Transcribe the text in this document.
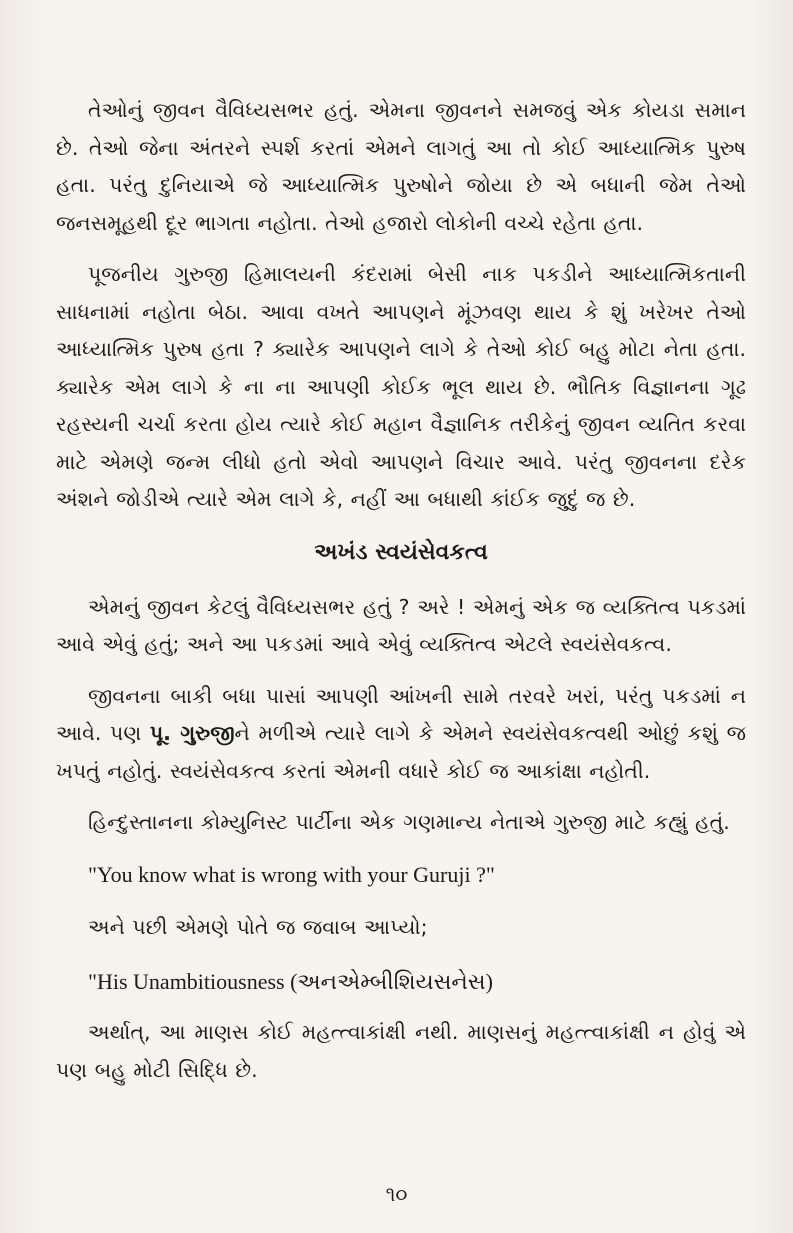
તેઓનું જીવન વૈવિધ્યસભર હતું. એમના જીવનને સમજવું એક કોયડા સમાન છે. તેઓ જેના અંતરને સ્પર્શ કરતાં એમને લાગતું આ તો કોઈ આધ્યાત્મિક પુરુષ હતા. પરંતુ દુનિયાએ જે આધ્યાત્મિક પુરુષોને જોયા છે એ બધાની જેમ તેઓ જનસમૂહથી દૂર ભાગતા નહોતા. તેઓ હજારો લોકોની વચ્ચે રહેતા હતા.

પૂજનીય ગુરુજી હિમાલયની કંદરામાં બેસી નાક પકડીને આધ્યાત્મિકતાની સાધનામાં નહોતા બેઠા. આવા વખતે આપણને મૂંઝવણ થાય કે શું ખરેખર તેઓ આધ્યાત્મિક પુરુષ હતા ? ક્યારેક આપણને લાગે કે તેઓ કોઈ બહુ મોટા નેતા હતા. ક્યારેક એમ લાગે કે ના ના આપણી કોઈક ભૂલ થાય છે. ભૌતિક વિજ્ઞાનના ગૂઢ રહસ્યની ચર્ચા કરતા હોય ત્યારે કોઈ મહાન વૈજ્ઞાનિક તરીકેનું જીવન વ્યતિત કરવા માટે એમણે જન્મ લીધો હતો એવો આપણને વિચાર આવે. પરંતુ જીવનના દરેક અંશને જોડીએ ત્યારે એમ લાગે કે, નહીં આ બધાથી કાંઈક જુદું જ છે.

અખંડ સ્વયંસેવકત્વ

એમનું જીવન કેટલું વૈવિધ્યસભર હતું ? અરે ! એમનું એક જ વ્યક્તિત્વ પકડમાં આવે એવું હતું; અને આ પકડમાં આવે એવું વ્યક્તિત્વ એટલે સ્વયંસેવકત્વ.

જીવનના બાકી બધા પાસાં આપણી આંખની સામે તરવરે ખરાં, પરંતુ પકડમાં ન આવે. પણ પૂ. ગુરુજીને મળીએ ત્યારે લાગે કે એમને સ્વયંસેવકત્વથી ઓછું કશું જ ખપતું નહોતું. સ્વયંસેવકત્વ કરતાં એમની વધારે કોઈ જ આકાંક્ષા નહોતી.

હિન્દુસ્તાનના કોમ્યુનિસ્ટ પાર્ટીના એક ગણમાન્ય નેતાએ ગુરુજી માટે કહ્યું હતું.

"You know what is wrong with your Guruji ?"

અને પછી એમણે પોતે જ જવાબ આપ્યો;

"His Unambitiousness (અનએમ્બીશિયસનેસ)

અર્થાત્, આ માણસ કોઈ મહત્ત્વાકાંક્ષી નથી. માણસનું મહત્ત્વાકાંક્ષી ન હોવું એ પણ બહુ મોટી સિદ્ધિ છે.

૧૦
